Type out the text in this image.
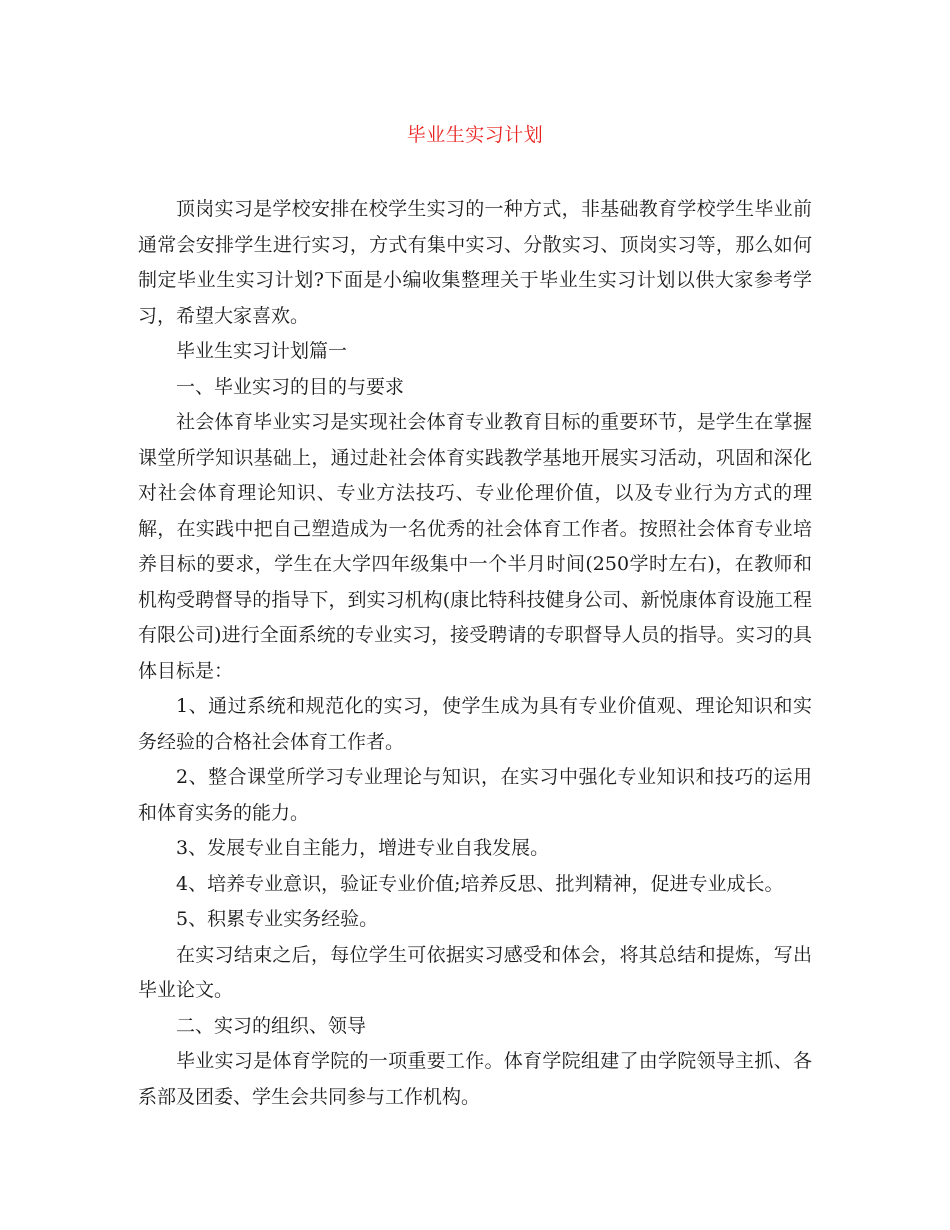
毕业生实习计划

顶岗实习是学校安排在校学生实习的一种方式，非基础教育学校学生毕业前通常会安排学生进行实习，方式有集中实习、分散实习、顶岗实习等，那么如何制定毕业生实习计划?下面是小编收集整理关于毕业生实习计划以供大家参考学习，希望大家喜欢。

毕业生实习计划篇一

一、毕业实习的目的与要求

社会体育毕业实习是实现社会体育专业教育目标的重要环节，是学生在掌握课堂所学知识基础上，通过赴社会体育实践教学基地开展实习活动，巩固和深化对社会体育理论知识、专业方法技巧、专业伦理价值，以及专业行为方式的理解，在实践中把自己塑造成为一名优秀的社会体育工作者。按照社会体育专业培养目标的要求，学生在大学四年级集中一个半月时间(250学时左右)，在教师和机构受聘督导的指导下，到实习机构(康比特科技健身公司、新悦康体育设施工程有限公司)进行全面系统的专业实习，接受聘请的专职督导人员的指导。实习的具体目标是：

1、通过系统和规范化的实习，使学生成为具有专业价值观、理论知识和实务经验的合格社会体育工作者。

2、整合课堂所学习专业理论与知识，在实习中强化专业知识和技巧的运用和体育实务的能力。

3、发展专业自主能力，增进专业自我发展。

4、培养专业意识，验证专业价值;培养反思、批判精神，促进专业成长。

5、积累专业实务经验。

在实习结束之后，每位学生可依据实习感受和体会，将其总结和提炼，写出毕业论文。

二、实习的组织、领导

毕业实习是体育学院的一项重要工作。体育学院组建了由学院领导主抓、各系部及团委、学生会共同参与工作机构。
